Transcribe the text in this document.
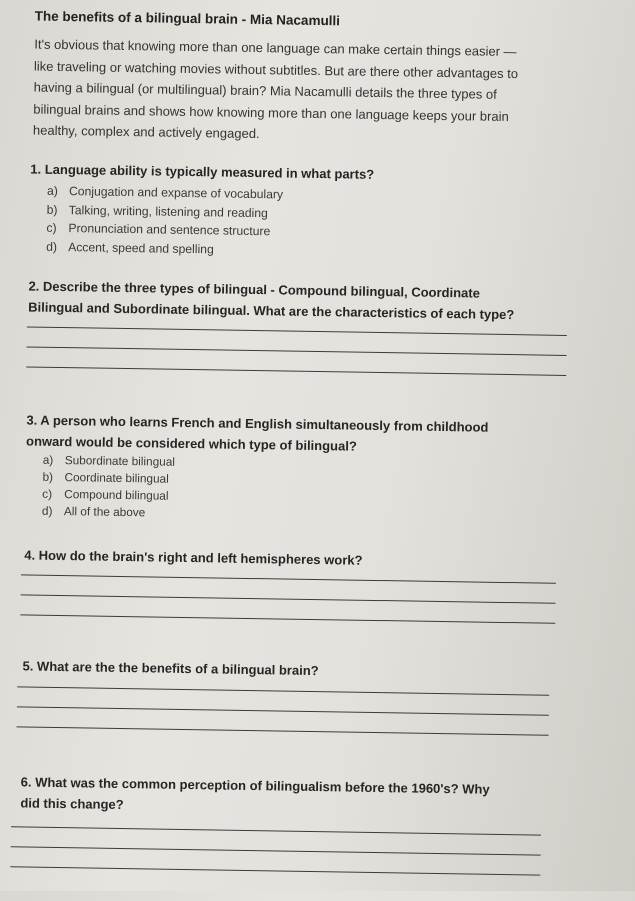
The benefits of a bilingual brain - Mia Nacamulli
It's obvious that knowing more than one language can make certain things easier —
like traveling or watching movies without subtitles. But are there other advantages to
having a bilingual (or multilingual) brain? Mia Nacamulli details the three types of
bilingual brains and shows how knowing more than one language keeps your brain
healthy, complex and actively engaged.
1. Language ability is typically measured in what parts?
a) Conjugation and expanse of vocabulary
b) Talking, writing, listening and reading
c) Pronunciation and sentence structure
d) Accent, speed and spelling
2. Describe the three types of bilingual - Compound bilingual, Coordinate
Bilingual and Subordinate bilingual. What are the characteristics of each type?
3. A person who learns French and English simultaneously from childhood
onward would be considered which type of bilingual?
a) Subordinate bilingual
b) Coordinate bilingual
c) Compound bilingual
d) All of the above
4. How do the brain's right and left hemispheres work?
5. What are the the benefits of a bilingual brain?
6. What was the common perception of bilingualism before the 1960's? Why
did this change?
